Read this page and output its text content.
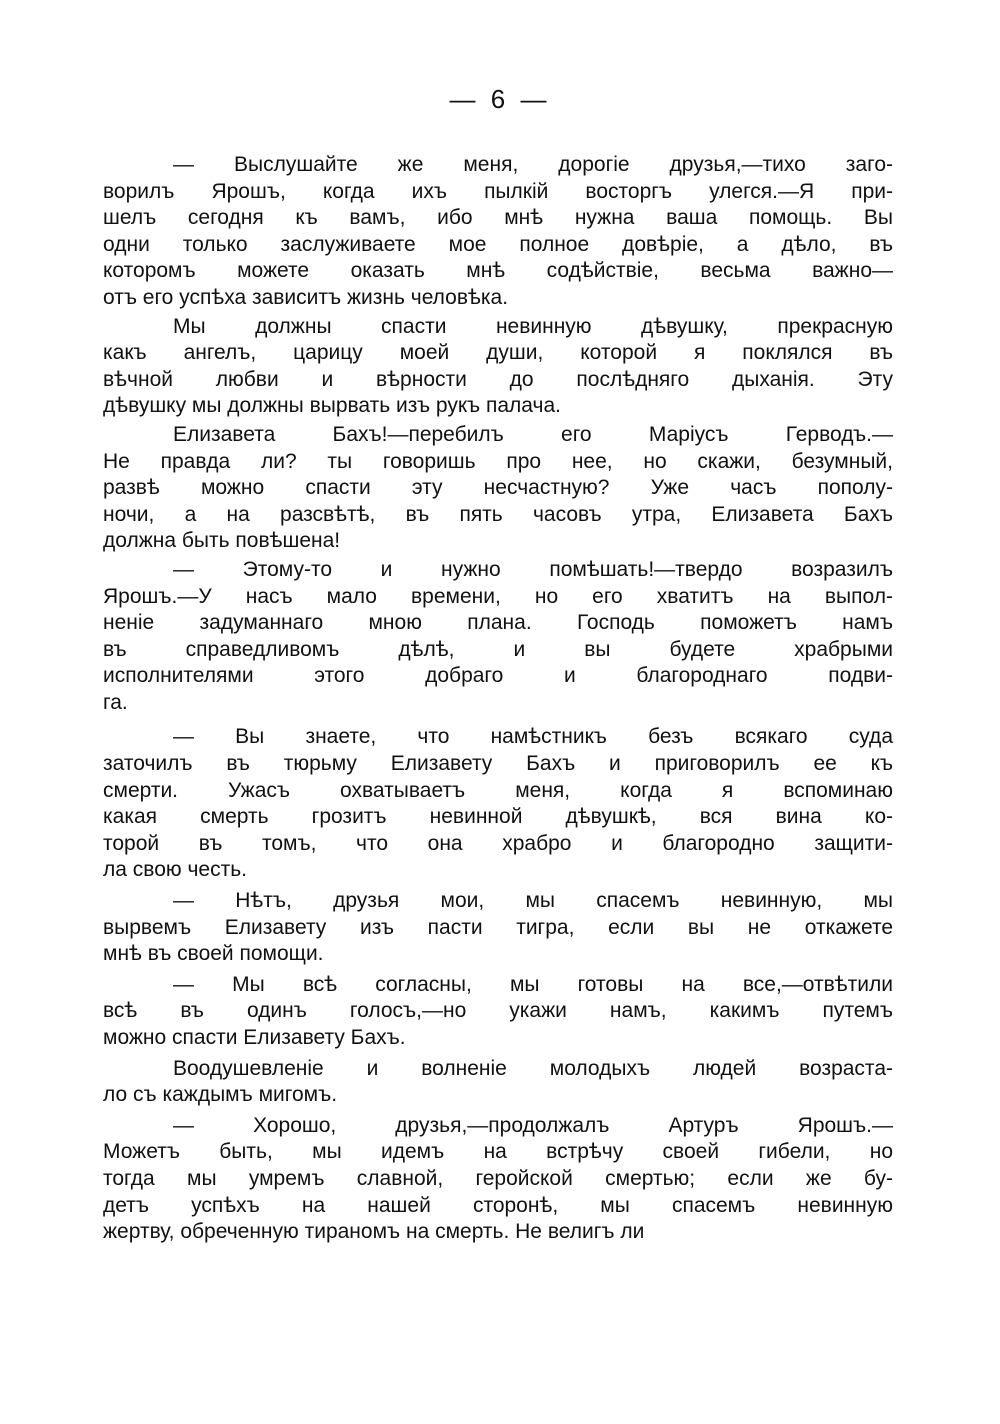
— 6 —
— Выслушайте же меня, дорогіе друзья,—тихо заго-
ворилъ Ярошъ, когда ихъ пылкій восторгъ улегся.—Я при-
шелъ сегодня къ вамъ, ибо мнѣ нужна ваша помощь. Вы
одни только заслуживаете мое полное довѣріе, а дѣло, въ
которомъ можете оказать мнѣ содѣйствіе, весьма важно—
отъ его успѣха зависитъ жизнь человѣка.
Мы должны спасти невинную дѣвушку, прекрасную
какъ ангелъ, царицу моей души, которой я поклялся въ
вѣчной любви и вѣрности до послѣдняго дыханія. Эту
дѣвушку мы должны вырвать изъ рукъ палача.
Елизавета Бахъ!—перебилъ его Маріусъ Герводъ.—
Не правда ли? ты говоришь про нее, но скажи, безумный,
развѣ можно спасти эту несчастную? Уже часъ пополу-
ночи, а на разсвѣтѣ, въ пять часовъ утра, Елизавета Бахъ
должна быть повѣшена!
— Этому-то и нужно помѣшать!—твердо возразилъ
Ярошъ.—У насъ мало времени, но его хватитъ на выпол-
неніе задуманнаго мною плана. Господь поможетъ намъ
въ справедливомъ дѣлѣ, и вы будете храбрыми
исполнителями этого добраго и благороднаго подви-
га.
— Вы знаете, что намѣстникъ безъ всякаго суда
заточилъ въ тюрьму Елизавету Бахъ и приговорилъ ее къ
смерти. Ужасъ охватываетъ меня, когда я вспоминаю
какая смерть грозитъ невинной дѣвушкѣ, вся вина ко-
торой въ томъ, что она храбро и благородно защити-
ла свою честь.
— Нѣтъ, друзья мои, мы спасемъ невинную, мы
вырвемъ Елизавету изъ пасти тигра, если вы не откажете
мнѣ въ своей помощи.
— Мы всѣ согласны, мы готовы на все,—отвѣтили
всѣ въ одинъ голосъ,—но укажи намъ, какимъ путемъ
можно спасти Елизавету Бахъ.
Воодушевленіе и волненіе молодыхъ людей возраста-
ло съ каждымъ мигомъ.
— Хорошо, друзья,—продолжалъ Артуръ Ярошъ.—
Можетъ быть, мы идемъ на встрѣчу своей гибели, но
тогда мы умремъ славной, геройской смертью; если же бу-
детъ успѣхъ на нашей сторонѣ, мы спасемъ невинную
жертву, обреченную тираномъ на смерть. Не велигъ ли
